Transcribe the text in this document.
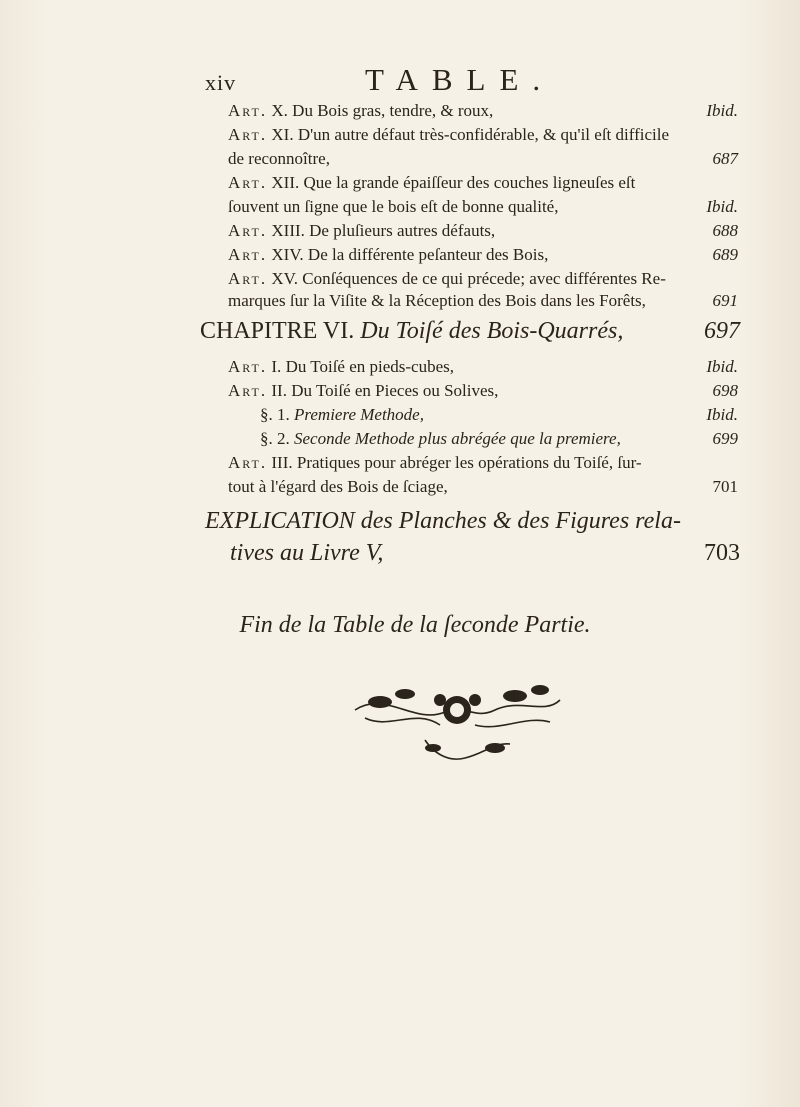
xiv	TABLE.
Art. X. Du Bois gras, tendre, & roux,	Ibid.
Art. XI. D'un autre défaut très-confidérable, & qu'il eſt difficile
de reconnoître,	687
Art. XII. Que la grande épaiſſeur des couches ligneuſes eſt
ſouvent un ſigne que le bois eſt de bonne qualité,	Ibid.
Art. XIII. De pluſieurs autres défauts,	688
Art. XIV. De la différente peſanteur des Bois,	689
Art. XV. Conſéquences de ce qui précede; avec différentes Re-
marques ſur la Viſite & la Réception des Bois dans les Forêts,	691
CHAPITRE VI. Du Toiſé des Bois-Quarrés,	697
Art. I. Du Toiſé en pieds-cubes,	Ibid.
Art. II. Du Toiſé en Pieces ou Solives,	698
§. 1. Premiere Methode,	Ibid.
§. 2. Seconde Methode plus abrégée que la premiere,	699
Art. III. Pratiques pour abréger les opérations du Toiſé, ſur-
tout à l'égard des Bois de ſciage,	701
EXPLICATION des Planches & des Figures rela-
tives au Livre V,	703
Fin de la Table de la ſeconde Partie.
